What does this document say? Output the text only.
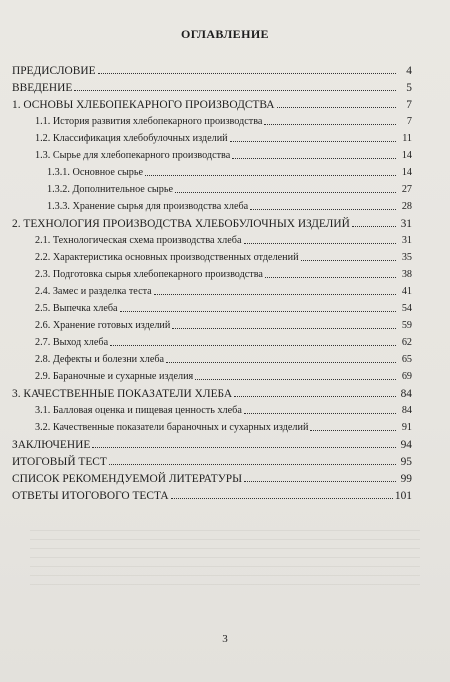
ОГЛАВЛЕНИЕ
ПРЕДИСЛОВИЕ	4
ВВЕДЕНИЕ	5
1. ОСНОВЫ ХЛЕБОПЕКАРНОГО ПРОИЗВОДСТВА	7
1.1. История развития хлебопекарного производства	7
1.2. Классификация хлебобулочных изделий	11
1.3. Сырье для хлебопекарного производства	14
1.3.1. Основное сырье	14
1.3.2. Дополнительное сырье	27
1.3.3. Хранение сырья для производства хлеба	28
2. ТЕХНОЛОГИЯ ПРОИЗВОДСТВА ХЛЕБОБУЛОЧНЫХ ИЗДЕЛИЙ	31
2.1. Технологическая схема производства хлеба	31
2.2. Характеристика основных производственных отделений	35
2.3. Подготовка сырья хлебопекарного производства	38
2.4. Замес и разделка теста	41
2.5. Выпечка хлеба	54
2.6. Хранение готовых изделий	59
2.7. Выход хлеба	62
2.8. Дефекты и болезни хлеба	65
2.9. Бараночные и сухарные изделия	69
3. КАЧЕСТВЕННЫЕ ПОКАЗАТЕЛИ ХЛЕБА	84
3.1. Балловая оценка и пищевая ценность хлеба	84
3.2. Качественные показатели бараночных и сухарных изделий	91
ЗАКЛЮЧЕНИЕ	94
ИТОГОВЫЙ ТЕСТ	95
СПИСОК РЕКОМЕНДУЕМОЙ ЛИТЕРАТУРЫ	99
ОТВЕТЫ ИТОГОВОГО ТЕСТА	101
3
